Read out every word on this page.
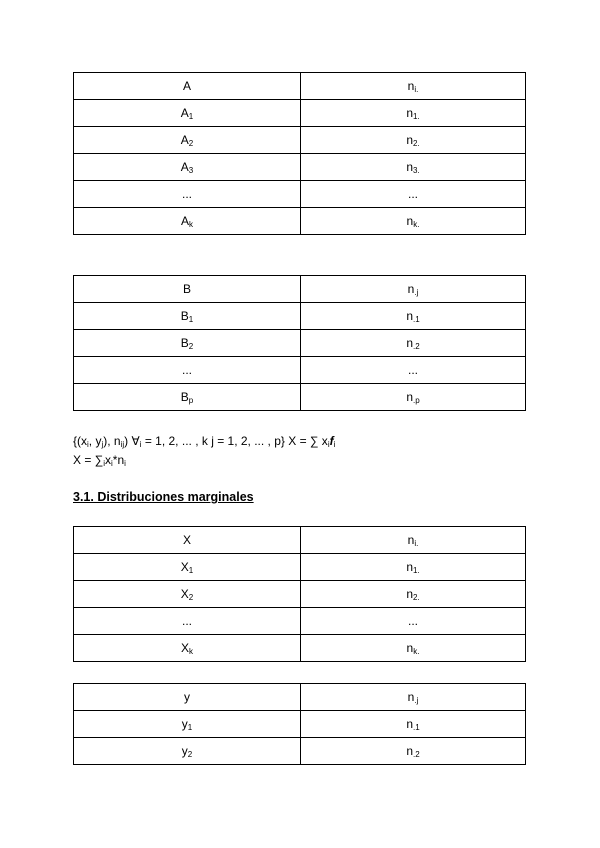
A	$n_{i.}$
$A_1$	$n_{1.}$
$A_2$	$n_{2.}$
$A_3$	$n_{3.}$
...	...
$A_k$	$n_{k.}$
B	$n_{.j}$
$B_1$	$n_{.1}$
$B_2$	$n_{.2}$
...	...
$B_p$	$n_{.p}$
{($x_i$, $y_j$), $n_{ij}$) $\forall_i = 1$, 2, ... , k j = 1, 2, ... , p} X = ∑ $x_if_i$
$X = \sum_ix_i*n_i$
3.1. Distribuciones marginales
X	$n_{i.}$
$X_1$	$n_{1.}$
$X_2$	$n_{2.}$
...	...
$X_k$	$n_{k.}$
y	$n_{.j}$
$y_1$	$n_{.1}$
$y_2$	$n_{.2}$
